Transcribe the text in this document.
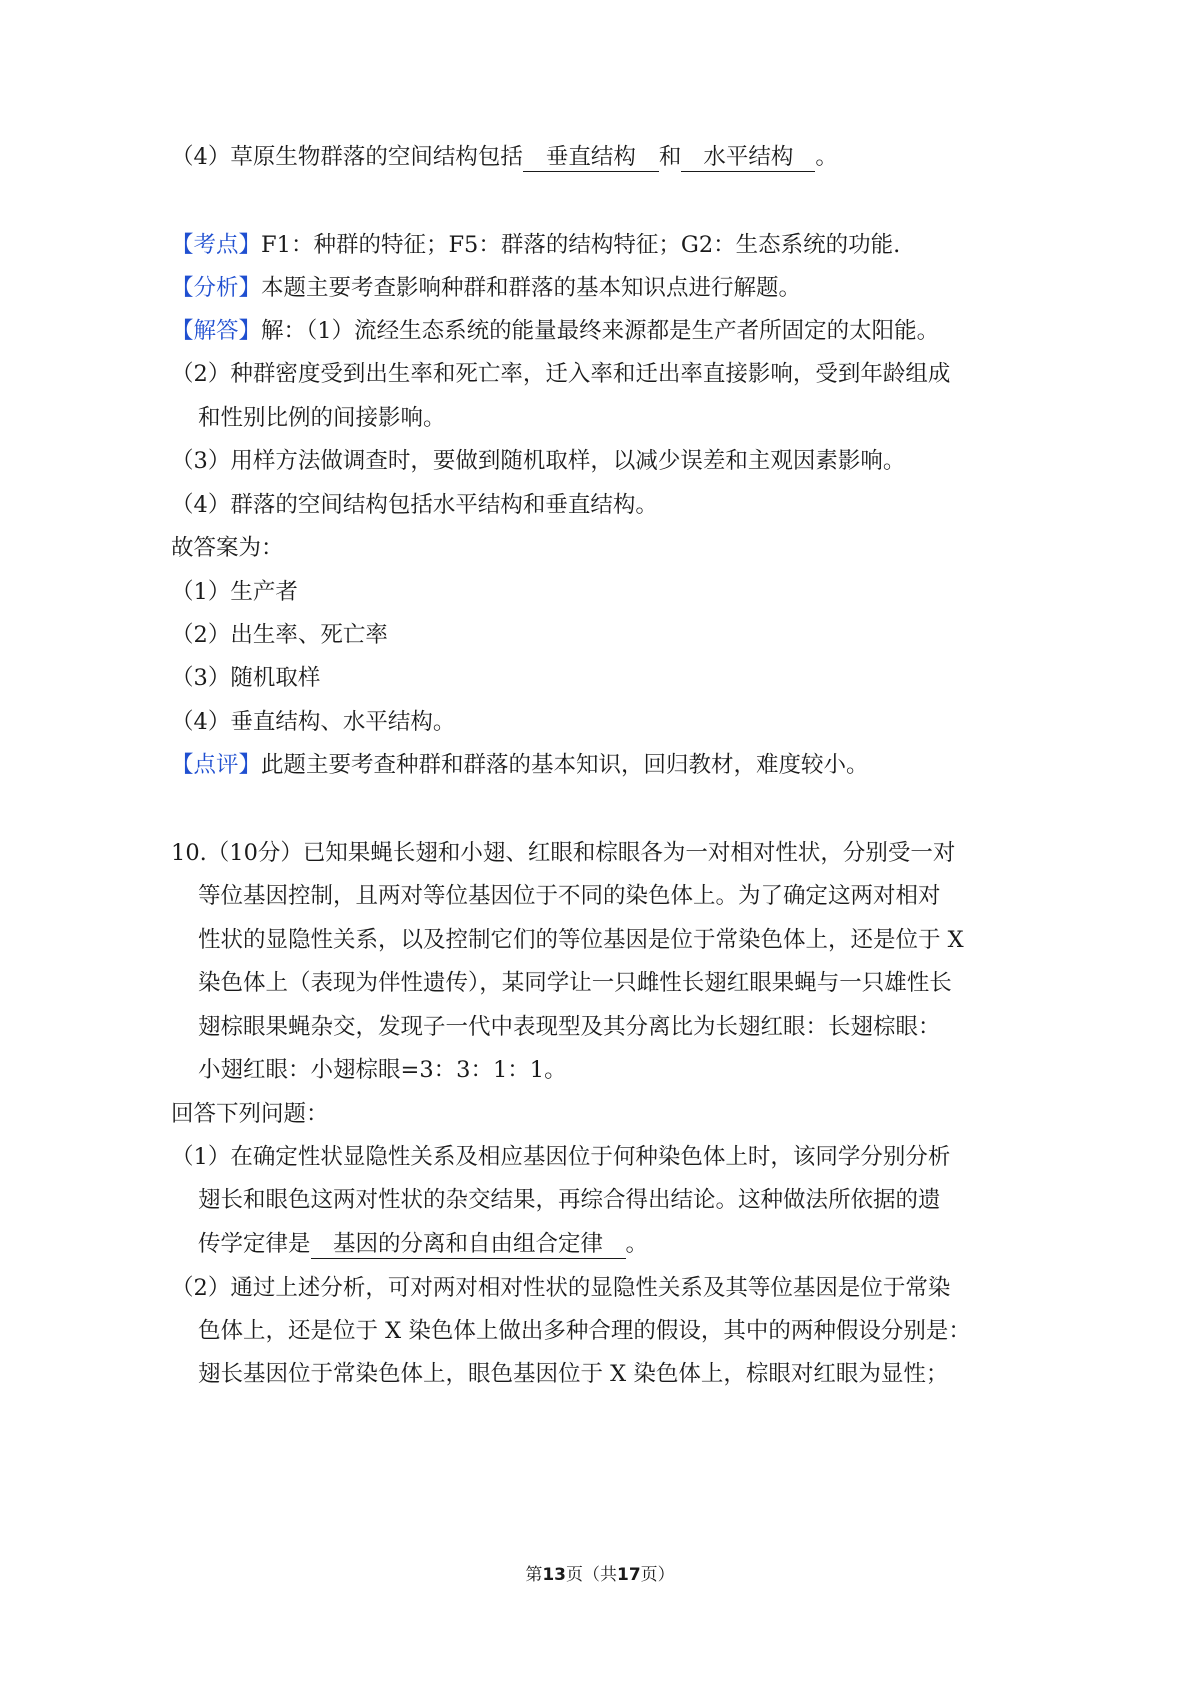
（4）草原生物群落的空间结构包括 垂直结构 和 水平结构 。
【考点】F1：种群的特征；F5：群落的结构特征；G2：生态系统的功能.
【分析】本题主要考查影响种群和群落的基本知识点进行解题。
【解答】解：（1）流经生态系统的能量最终来源都是生产者所固定的太阳能。
（2）种群密度受到出生率和死亡率，迁入率和迁出率直接影响，受到年龄组成
和性别比例的间接影响。
（3）用样方法做调查时，要做到随机取样，以减少误差和主观因素影响。
（4）群落的空间结构包括水平结构和垂直结构。
故答案为：
（1）生产者
（2）出生率、死亡率
（3）随机取样
（4）垂直结构、水平结构。
【点评】此题主要考查种群和群落的基本知识，回归教材，难度较小。
10.（10分）已知果蝇长翅和小翅、红眼和棕眼各为一对相对性状，分别受一对
等位基因控制，且两对等位基因位于不同的染色体上。为了确定这两对相对
性状的显隐性关系，以及控制它们的等位基因是位于常染色体上，还是位于 X
染色体上（表现为伴性遗传），某同学让一只雌性长翅红眼果蝇与一只雄性长
翅棕眼果蝇杂交，发现子一代中表现型及其分离比为长翅红眼：长翅棕眼：
小翅红眼：小翅棕眼=3：3：1：1。
回答下列问题：
（1）在确定性状显隐性关系及相应基因位于何种染色体上时，该同学分别分析
翅长和眼色这两对性状的杂交结果，再综合得出结论。这种做法所依据的遗
传学定律是 基因的分离和自由组合定律 。
（2）通过上述分析，可对两对相对性状的显隐性关系及其等位基因是位于常染
色体上，还是位于 X 染色体上做出多种合理的假设，其中的两种假设分别是：
翅长基因位于常染色体上，眼色基因位于 X 染色体上，棕眼对红眼为显性；
第13页（共17页）
